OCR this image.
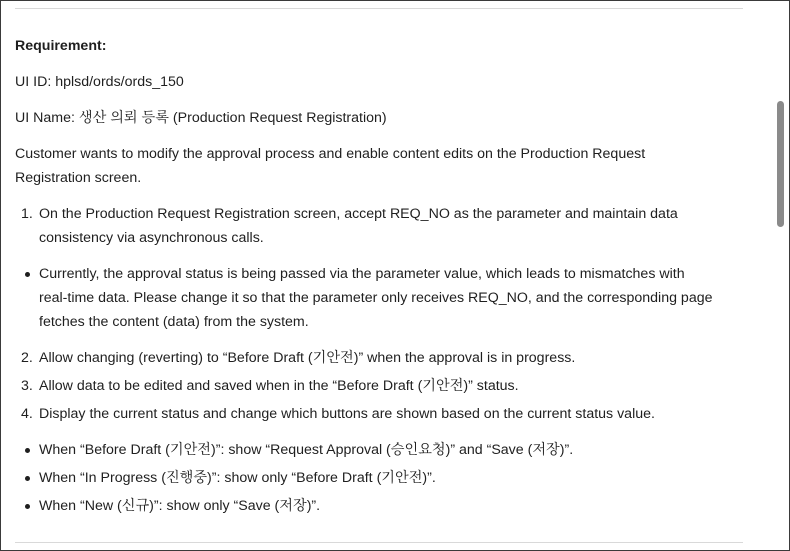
Requirement:
UI ID: hplsd/ords/ords_150
UI Name: 생산 의뢰 등록 (Production Request Registration)
Customer wants to modify the approval process and enable content edits on the Production Request
Registration screen.
1. On the Production Request Registration screen, accept REQ_NO as the parameter and maintain data
consistency via asynchronous calls.
Currently, the approval status is being passed via the parameter value, which leads to mismatches with
real-time data. Please change it so that the parameter only receives REQ_NO, and the corresponding page
fetches the content (data) from the system.
2. Allow changing (reverting) to “Before Draft (기안전)” when the approval is in progress.
3. Allow data to be edited and saved when in the “Before Draft (기안전)” status.
4. Display the current status and change which buttons are shown based on the current status value.
When “Before Draft (기안전)”: show “Request Approval (승인요청)” and “Save (저장)”.
When “In Progress (진행중)”: show only “Before Draft (기안전)”.
When “New (신규)”: show only “Save (저장)”.
